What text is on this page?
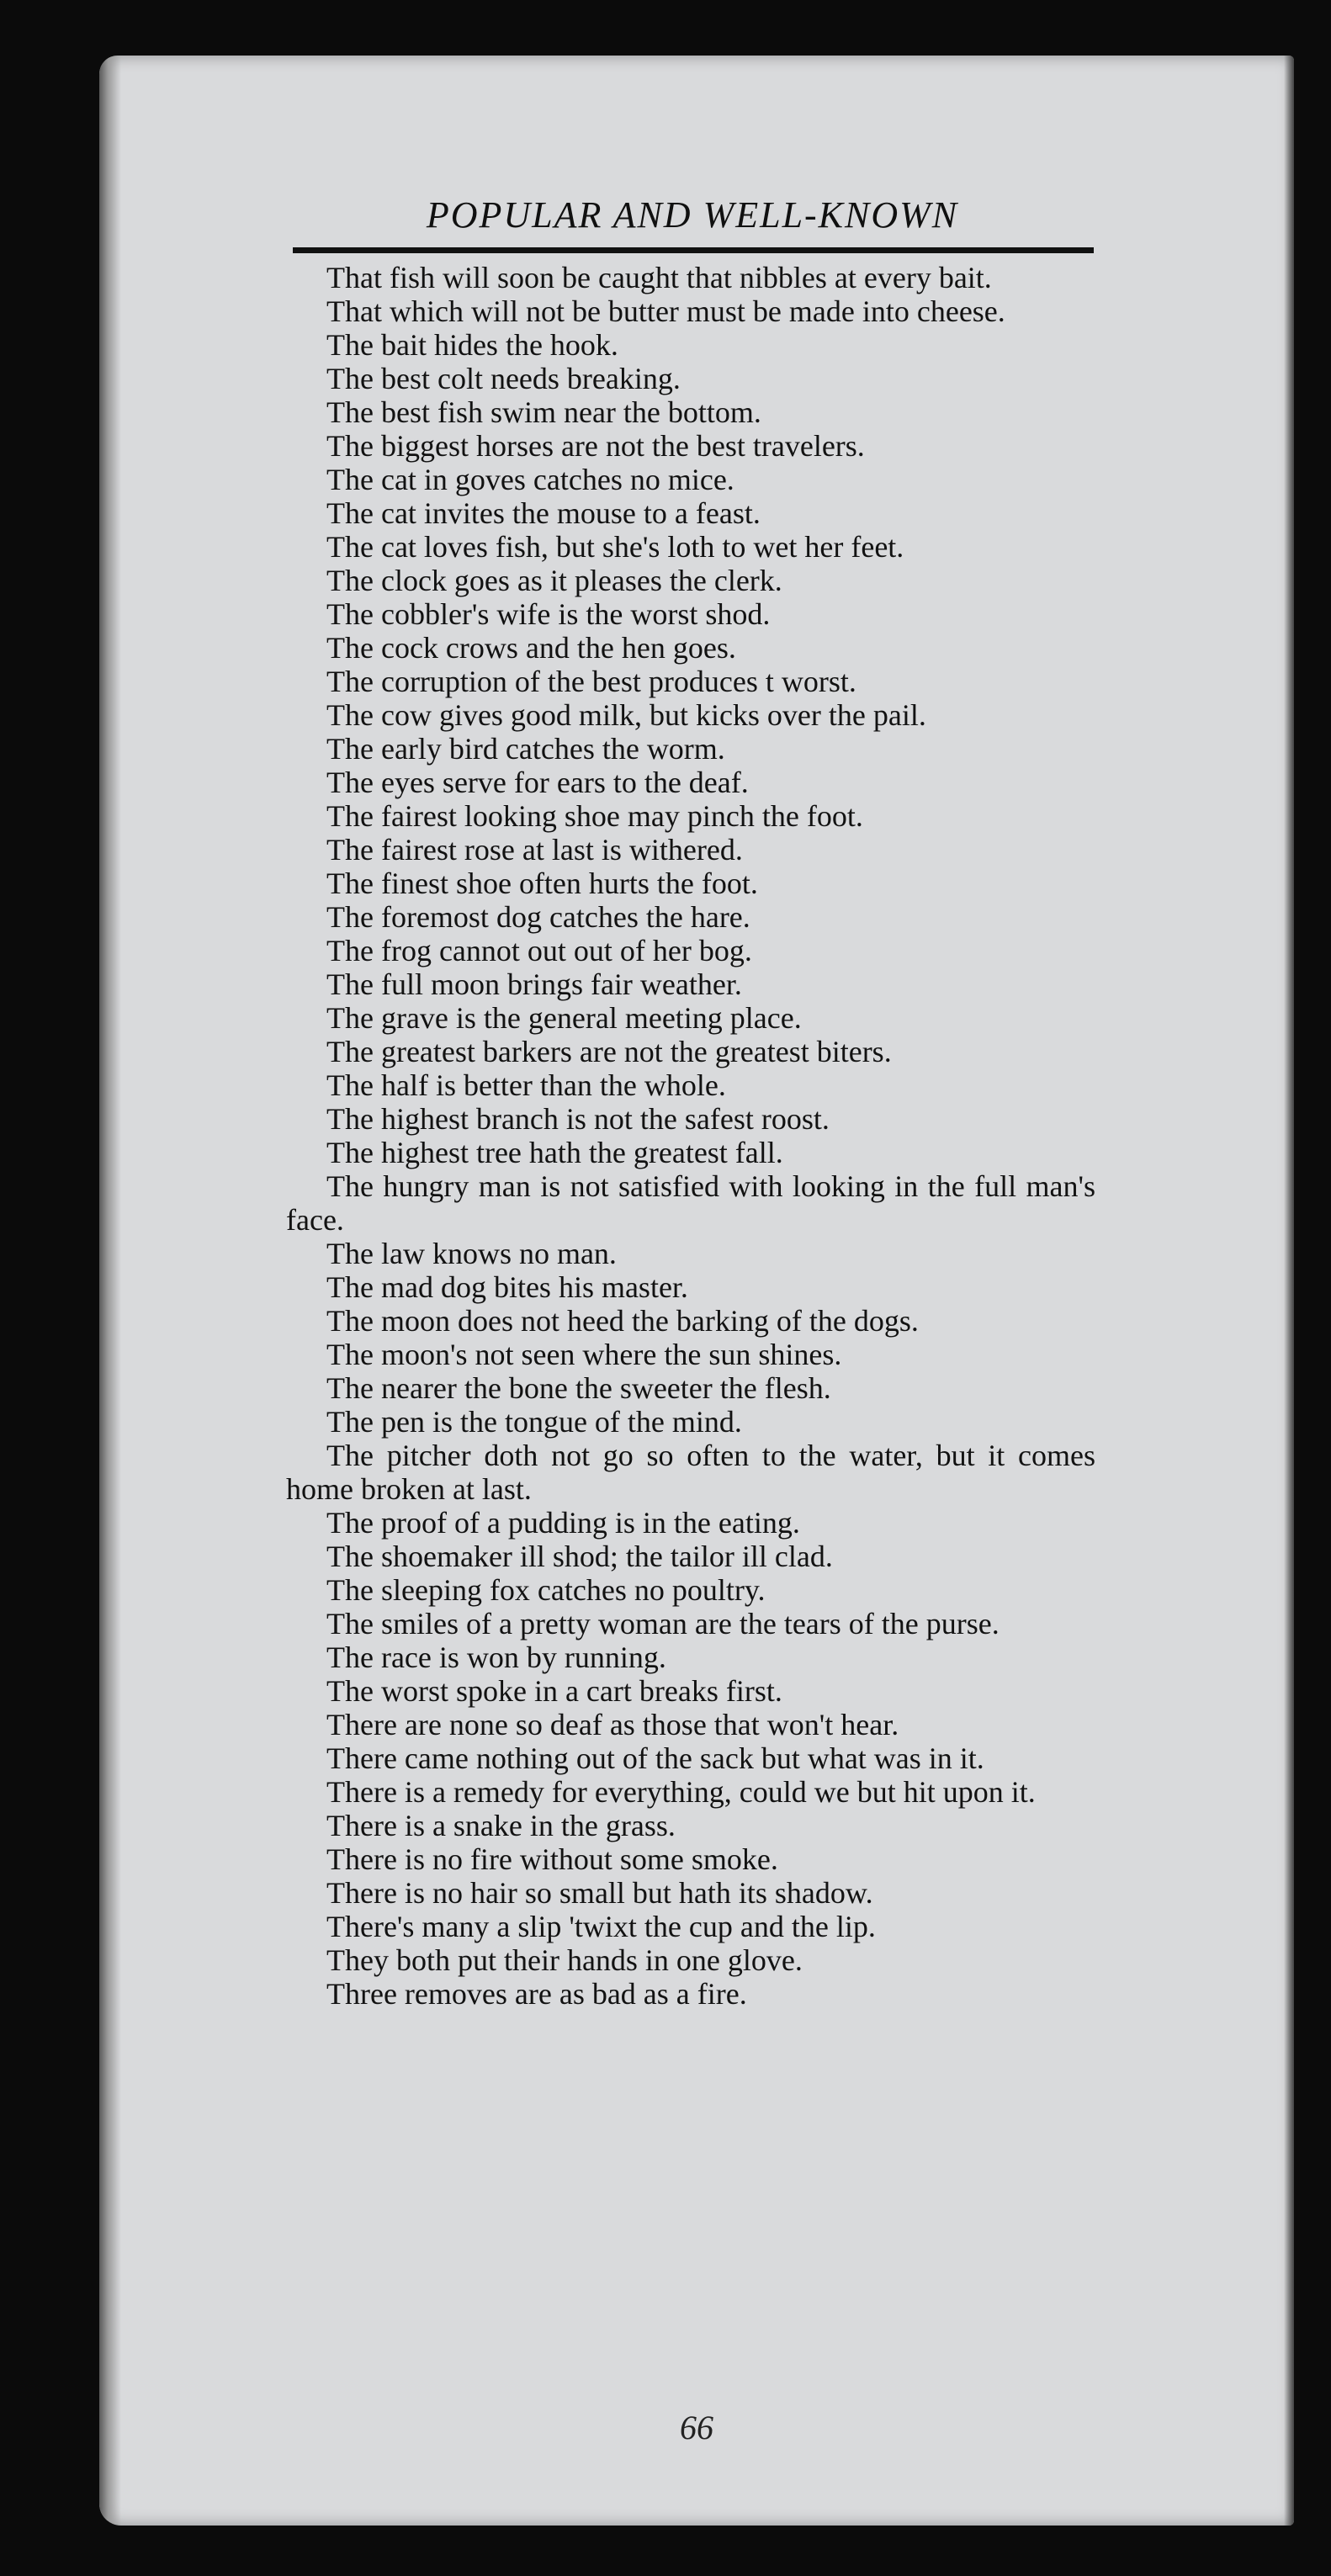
POPULAR AND WELL-KNOWN

That fish will soon be caught that nibbles at every bait.

That which will not be butter must be made into cheese.

The bait hides the hook.

The best colt needs breaking.

The best fish swim near the bottom.

The biggest horses are not the best travelers.

The cat in goves catches no mice.

The cat invites the mouse to a feast.

The cat loves fish, but she's loth to wet her feet.

The clock goes as it pleases the clerk.

The cobbler's wife is the worst shod.

The cock crows and the hen goes.

The corruption of the best produces t worst.

The cow gives good milk, but kicks over the pail.

The early bird catches the worm.

The eyes serve for ears to the deaf.

The fairest looking shoe may pinch the foot.

The fairest rose at last is withered.

The finest shoe often hurts the foot.

The foremost dog catches the hare.

The frog cannot out out of her bog.

The full moon brings fair weather.

The grave is the general meeting place.

The greatest barkers are not the greatest biters.

The half is better than the whole.

The highest branch is not the safest roost.

The highest tree hath the greatest fall.

The hungry man is not satisfied with looking in the full man's face.

The law knows no man.

The mad dog bites his master.

The moon does not heed the barking of the dogs.

The moon's not seen where the sun shines.

The nearer the bone the sweeter the flesh.

The pen is the tongue of the mind.

The pitcher doth not go so often to the water, but it comes home broken at last.

The proof of a pudding is in the eating.

The shoemaker ill shod; the tailor ill clad.

The sleeping fox catches no poultry.

The smiles of a pretty woman are the tears of the purse.

The race is won by running.

The worst spoke in a cart breaks first.

There are none so deaf as those that won't hear.

There came nothing out of the sack but what was in it.

There is a remedy for everything, could we but hit upon it.

There is a snake in the grass.

There is no fire without some smoke.

There is no hair so small but hath its shadow.

There's many a slip 'twixt the cup and the lip.

They both put their hands in one glove.

Three removes are as bad as a fire.

66
